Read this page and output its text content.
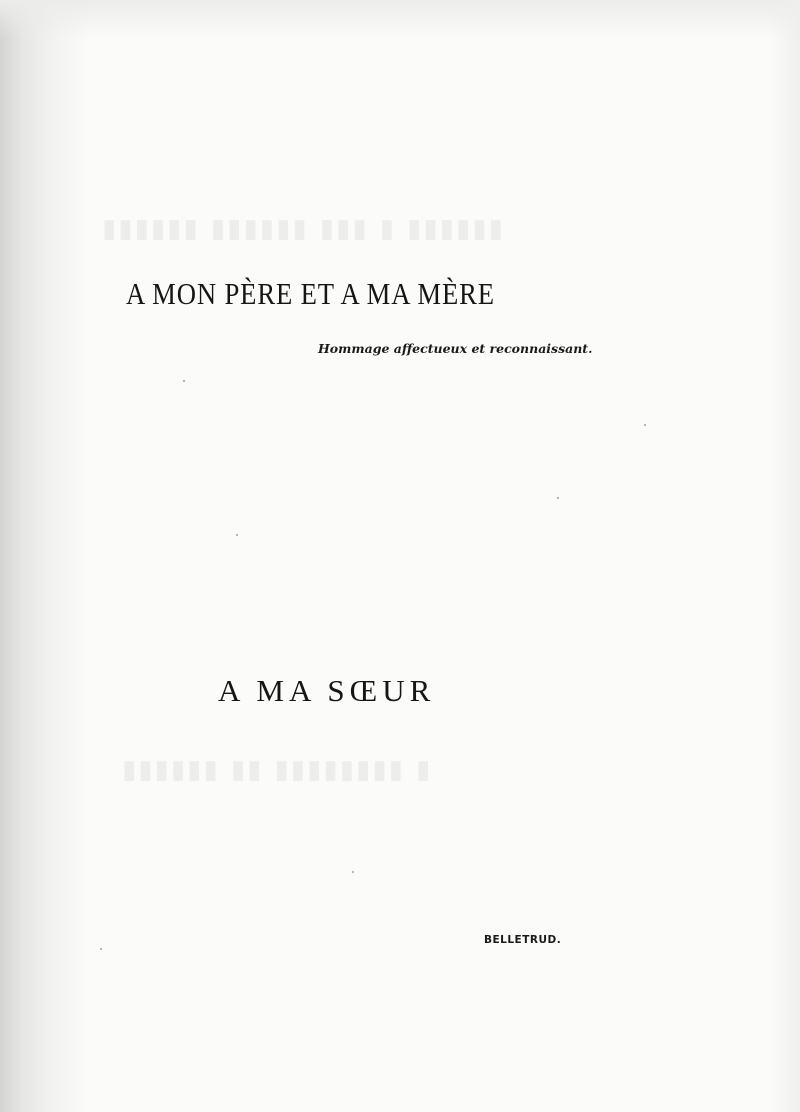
▮▮▮▮▮▮ ▮ ▮▮▮ ▮▮▮▮▮▮ ▮▮▮▮▮▮
▮ ▮▮▮▮▮▮▮▮ ▮▮ ▮▮▮▮▮▮
A MON PÈRE ET A MA MÈRE
Hommage affectueux et reconnaissant.
A MA SŒUR
BELLETRUD.
